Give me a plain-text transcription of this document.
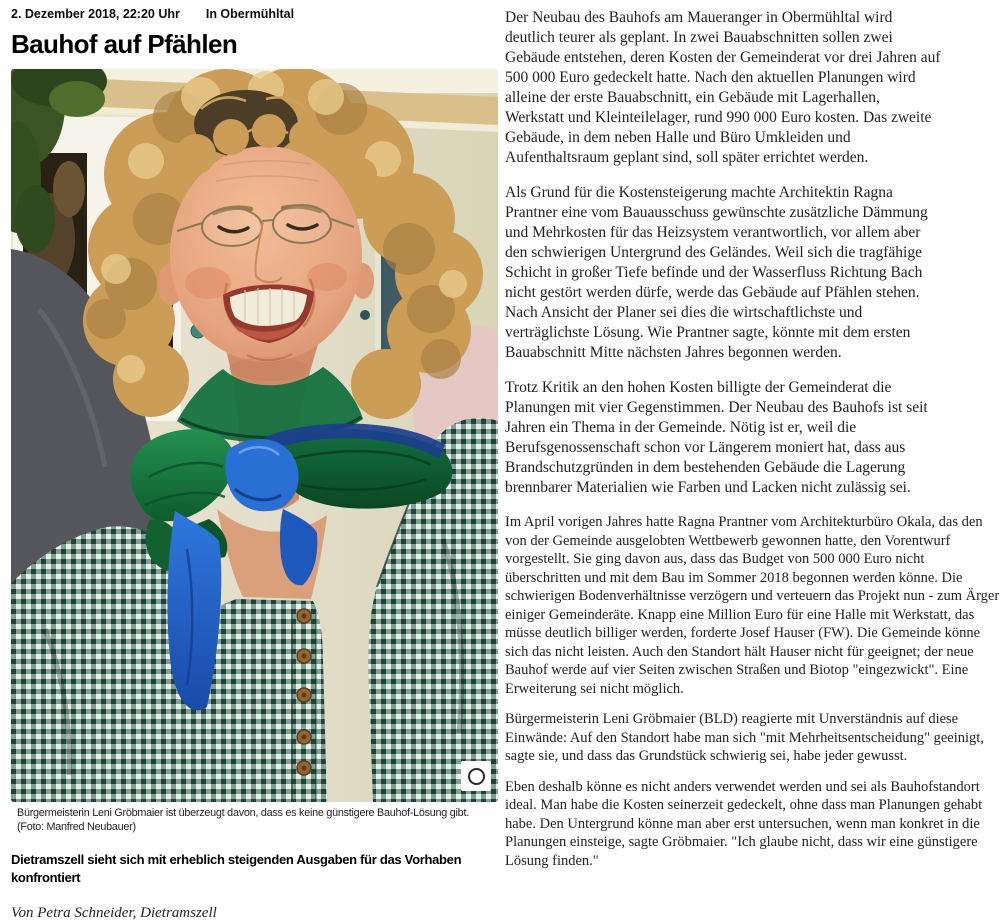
2. Dezember 2018, 22:20 Uhr In Obermühltal
Bauhof auf Pfählen
Bürgermeisterin Leni Gröbmaier ist überzeugt davon, dass es keine günstigere Bauhof-Lösung gibt.
(Foto: Manfred Neubauer)
Dietramszell sieht sich mit erheblich steigenden Ausgaben für das Vorhaben konfrontiert
Von Petra Schneider, Dietramszell

Der Neubau des Bauhofs am Maueranger in Obermühltal wird deutlich teurer als geplant. In zwei Bauabschnitten sollen zwei Gebäude entstehen, deren Kosten der Gemeinderat vor drei Jahren auf 500 000 Euro gedeckelt hatte. Nach den aktuellen Planungen wird alleine der erste Bauabschnitt, ein Gebäude mit Lagerhallen, Werkstatt und Kleinteilelager, rund 990 000 Euro kosten. Das zweite Gebäude, in dem neben Halle und Büro Umkleiden und Aufenthaltsraum geplant sind, soll später errichtet werden.

Als Grund für die Kostensteigerung machte Architektin Ragna Prantner eine vom Bauausschuss gewünschte zusätzliche Dämmung und Mehrkosten für das Heizsystem verantwortlich, vor allem aber den schwierigen Untergrund des Geländes. Weil sich die tragfähige Schicht in großer Tiefe befinde und der Wasserfluss Richtung Bach nicht gestört werden dürfe, werde das Gebäude auf Pfählen stehen. Nach Ansicht der Planer sei dies die wirtschaftlichste und verträglichste Lösung. Wie Prantner sagte, könnte mit dem ersten Bauabschnitt Mitte nächsten Jahres begonnen werden.

Trotz Kritik an den hohen Kosten billigte der Gemeinderat die Planungen mit vier Gegenstimmen. Der Neubau des Bauhofs ist seit Jahren ein Thema in der Gemeinde. Nötig ist er, weil die Berufsgenossenschaft schon vor Längerem moniert hat, dass aus Brandschutzgründen in dem bestehenden Gebäude die Lagerung brennbarer Materialien wie Farben und Lacken nicht zulässig sei.

Im April vorigen Jahres hatte Ragna Prantner vom Architekturbüro Okala, das den von der Gemeinde ausgelobten Wettbewerb gewonnen hatte, den Vorentwurf vorgestellt. Sie ging davon aus, dass das Budget von 500 000 Euro nicht überschritten und mit dem Bau im Sommer 2018 begonnen werden könne. Die schwierigen Bodenverhältnisse verzögern und verteuern das Projekt nun - zum Ärger einiger Gemeinderäte. Knapp eine Million Euro für eine Halle mit Werkstatt, das müsse deutlich billiger werden, forderte Josef Hauser (FW). Die Gemeinde könne sich das nicht leisten. Auch den Standort hält Hauser nicht für geeignet; der neue Bauhof werde auf vier Seiten zwischen Straßen und Biotop "eingezwickt". Eine Erweiterung sei nicht möglich.

Bürgermeisterin Leni Gröbmaier (BLD) reagierte mit Unverständnis auf diese Einwände: Auf den Standort habe man sich "mit Mehrheitsentscheidung" geeinigt, sagte sie, und dass das Grundstück schwierig sei, habe jeder gewusst.

Eben deshalb könne es nicht anders verwendet werden und sei als Bauhofstandort ideal. Man habe die Kosten seinerzeit gedeckelt, ohne dass man Planungen gehabt habe. Den Untergrund könne man aber erst untersuchen, wenn man konkret in die Planungen einsteige, sagte Gröbmaier. "Ich glaube nicht, dass wir eine günstigere Lösung finden."
